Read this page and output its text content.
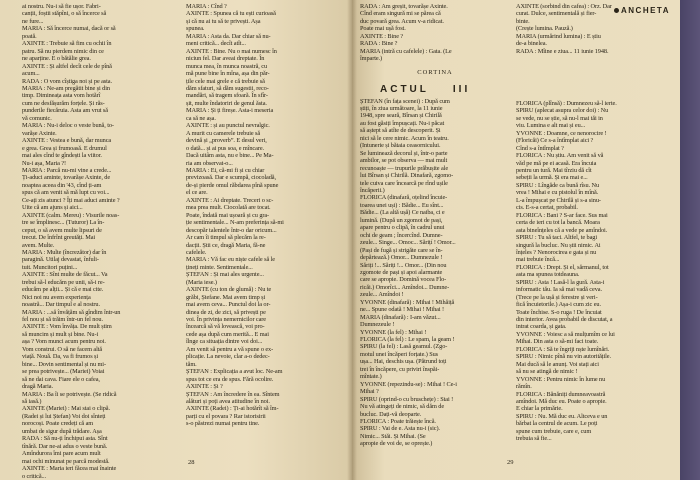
ai nostru. Nu-i să fie ușor. Fabri-

canții, foștii stăpîni, o să încerce să

ne fure...

MARIA : Să încerce numai, dacă or să

poată.

AXINTE : Trebuie să fim cu ochii în

patru. Să nu pierdem nimic din ce

ne aparține. E o bătălie grea.

AXINTE : Și altfel decît cele de pînă

acum...

RADA : O vom cîștiga noi și pe asta.

MARIA : Ne-am pregătit bine și din

timp. Dimineața asta vom hotărî

cum ne desfășurăm forțele. Și răs-

punderile fiecăruia. Asta am vrut să

vă comunic.

MARIA : Nu-i deloc o veste bună, to-

varășe Axinte.

AXINTE : Vestea e bună, dar munca

e grea. Grea și frumoasă. E drumul

mai ales cînd te gîndești la viitor.

Nu-i așa, Maria ?!

MARIA : Parcă nu-mi vine a crede...

Ți-aduci aminte, tovarășe Axinte, de

noaptea aceea din '43, cînd ți-am

spus că am venit să mă lupt cu voi...

Ce-ați zis atunci ? Îți mai aduci aminte ?

Uite că am ajuns și aici...

AXINTE (calm. Mereu) : Visurile noas-

tre se împlinesc... (Tuturor) La în-

ceput, o să avem multe lipsuri de

trecut. De înfrînt greutăți. Mai

avem. Multe.

MARIA : Multe (încrezător) dar în

paragină. Utilaj devastat, înfuli-

tuit. Muncitori puțini...

AXINTE : Sînt multe de făcut... Va

trebui să-l educăm pe unii, să-i re-

educăm pe alții... Și că e mai cite.

Nici noi nu avem experiența

noastră... Dar timpul e al nostru.

MARIA : ...să învățăm să gîndim într-un

fel nou și să trăim într-un fel nou.

AXINTE : Vom învăța. De mult știm

să muncim și mult și bine. Nu-i

așa ? Vom munci acum pentru noi.

Vom construi. O să ne facem altă

viață. Nouă. Da, va fi frumos și

bine... Dovin sentimental și nu mi-

se prea potrivește... (Mariei) Voiai

să ne dai cava. Fiare ele o cafea,

dragă Maria.

MARIA : Ba îi se potrivește. (Se ridică

să iasă.)

AXINTE (Mariei) : Mai stai o clipă.

(Radei și lui Ștefan) Voi doi sînteți

norocoși. Poate credeți că am

umbat de sigur după trădare. Așa

RADA : Să nu-ți închipui asta. Sînt

tînără. Dar ne-ai adus o veste bună.

Amîndurora îmi pare acum mult

mai ochi minunat pe parcă modestă.

AXINTE : Maria ieri făcea mai înainte

o critică...

MARIA : Cînd ?

AXINTE : Spunea că tu ești curioasă

și că nu ai tu să te privești. Așa

spunea.

MARIA : Asta da. Dar chiar să nu-

meni critică... decît atît...

AXINTE : Bine. Nu o mai numesc în

niciun fel. Dar aveai dreptate. În

munca mea, în munca noastră, cu

mă pune bine în mîna, așa din păr-

țile cele mai grele e că trebuie să

dăm sfaturi, să dăm sugestii, reco-

mandări, să tragem sfoară. În sfîr-

șit, multe îndatoriri de genul ăsta.

MARIA : Și ți fireșe. Asta-i meseria

ca să ne așa.

AXINTE : și au punctul nevralgic.

A murit cu camerele trebuie să

devină și „proverb”. E desul veri,

o dată... și ai pus soa, e mîncare.

Dacă uitâm asta, nu e bine... Pe Ma-

ria am observat-o...

MARIA : Ei, că-mi fi și cu chiar

previzoasă. Dar e scumpă, ciocoladă,

de-și pierde omul răbdarea pînă spune

el ce are.

AXINTE : Ai dreptate. Treceri o sc-

mea prea mult. Ciocolată are tocat.

Poate, îndată mai ușoară și cu gra-

ție sentimentale... N-am preferința să-mi

descopăr talentele într-o dar oricum...

Ar cam îi timpul să plecăm la re-

dacții. Știi ce, dragă Maria, fă-ne

cafelele.

MARIA : Vă fac eu niște cafele să le

țineți minte. Sentimentale...

ȘTEFAN : Și mai ales urgente...

(Maria iese.)

AXINTE (cu ton de glumă) : Nu te

grăbi, Ștefane. Mai avem timp și

mai avem ceva... Punctul doi la or-

dinea de zi, de zici, să privești pe

voi. În privința nemernicilor care

încearcă să vă lovească, voi pro-

cede așa după cum merită... E mai

îlnge ca situația dintre voi doi...

Am venit să pentru a vă spune o ex-

plicație. La nevoie, clar a-o dedec-

tăm.

ȘTEFAN : Explicația a avut loc. Ne-am

spus tot ce era de spus. Fără ocolire.

AXINTE : Și ?

ȘTEFAN : Am încredere în ea. Sîntem

alături și poți avea atitudine în noi.

AXINTE (Radei) : Ți-ai hotărît să îm-

parți cu el povara ? Rar istorisirii

s-o păstrezi numai pentru tine.

28
ANCHETA

RADA : Am greșit, tovarășe Axinte.

Cînd eram singură mi se părea că

duc povară grea. Acum v-a ridicat.

Poate mai ușă fost.

AXINTE : Bine ?

RADA : Bine ?

MARIA (intră cu cafelele) : Gata. (Le

împarte.)

CORTINA

ACTUL III

ȘTEFAN (în fața scenei) : După cum

știți, în ziua următoare, la 11 iunie

1948, spre seară, Bîrsan și Chirilă

au fost găsiți împușcați. Nu-i păcat

să aștept să atîte de descoperit. Și

nici să le cere nimic. Acum în teatru.

(Intunerie și bătaia ceasornicului.

Se luminează decorul și, într-o parte

ambilor, se pot observa — mai mult

recunoaște — trupurile prăbușite ale

lui Bîrsan și Chirilă. Dinafară, zgomo-

tele cuiva care încearcă pe rînd ușile

încăperii.)

FLORICA (dinafară, oțelind încuie-

toarea unei uși) : Bădie... Eu sînt...

Bădie... (La altă ușă) Ce naiba, ci e

lumină. (După un zgomot de pași,

apare pentru o clipă, în cadrul unui

ochi de geam ; încercînd. Dumne-

zeule... Singe... Omoc... Sărițí ! Omor...

(Pași de fugă și strigăte care se în-

depărtează.) Omor... Dumnezule !

Săriți !... Săriți !... Omor... (Din nou

zgomote de pași și apoi alarmante

care se apropie. Domină vocea Flo-

ricăi.) Omorîci... Amîndoi... Dumne-

zeule... Amîndoi !

YVONNE (dinafară) : Mihai ! Mihăiță

ne... Spune odată ! Mihai ! Mihai !

MARIA (dinafară) : I-am văzut...

Dumnezeule !

YVONNE (la fel) : Mihai !

FLORICA (la fel) : Le spam, la geam !

SPIRU (la fel) : Lasă geamul. (Zgo-

motul unei încăperi forțate.) Sus

ușa... Hai, deschis ușa. (Pătrund toți

trei în încăpere, cu priviri înspăi-

mîntate.)

YVONNE (repezindu-se) : Mihai ! Ce-i

Mihai ?

SPIRU (oprind-o cu bruschețe) : Stai !

Nu vă atingeți de nimic, să dăm de

bucluc. Dați-vă deoparte.

FLORICA : Poate trăiește încă.

SPIRU : Vai de e. Asta nu-i (sic).

Nimic... Stăi. Și Mihai. (Se

apropie de voi de, se oprește.)

AXINTE (sorbind din cafea) : Orz. Dar

curat. Dulce, sentimentală și fier-

binte.

(Crește lumina. Pauză.)

MARIA (urmărind lumina) : E știu

de-a binelea.

RADA : Mîine e ziua... 11 iunie 1948.

FLORICA (plînsă) : Dumnezeu să-l ierte.

SPIRU (aplecat asupra celor doi) : Nu

se vede, nu se știe, să nu-l mai tăi in

viu. Lumina e alt mai și eu...

YVONNE : Doamne, ce nenorocire !

(Floricăi) Ce s-a întîmplat aici ?

Cînd s-a întîmplat ?

FLORICA : Nu știu. Am venit să vă

văd pe mă pe ei acasă. Era încuia

pentru un tură. Mai tîrziu dă cît

sebeții la urmă. Și era mai e...

SPIRU : Lîngăde ca bună rîsu. Nu

vrea ! Mihai e cu pistolul în mînă.

L-a împușcat pe Chirilă și s-a sinu-

cis. E-s-a certat, probabil.

FLORICA : Bani ? S-ar face. Sus mai

certa de ieri cu tot la bancă. Moara

asta bineînțeles că a vede pe amîndoi.

SPIRU : Tu să taci. Altfel, te bagi

singură la bucluc. Nu știi nimic. Ai

înțeles ? Nenorocirea e gata și nu

mai trebuie încă...

FLORICA : Drept. Și el, sărmanul, tot

asta ma spunea totdeauna.

SPIRU : Asta ! Lasă-l la gură. Asta-i

informatic tău. Ia să mai vadă ceva.

(Trece pe la ușă și ferestre și veri-

fică încuietorile.) Așa-i cum zic eu.

Toate închise. S-o ruga ! De încuiat

din interior. Avea probabil de discutat, a

intrat coarda, și gata.

YVONNE : Voiesc a să mulțumîm ce lui

Mihai. Din asta o să-mi faci toate.

FLORICA : Să te îngriji nște lumînări.

SPIRU : Nimic pînă nu vin autoritățile.

Mai ducă să le anunț. Voi stați aici

să nu se atingă de nimic !

YVONNE : Pentru nimic în lume nu

rămîn.

FLORICA : Bănăniți dumneavoastră

amîndoi. Mă duc eu. Poate o apropie.

E chiar la primărie.

SPIRU : Nu. Mă duc eu. Altceva e un

bărbat la centrul de acum. Le poți

spune cum trebuie, care e, cum

trebuia să fie...

29
